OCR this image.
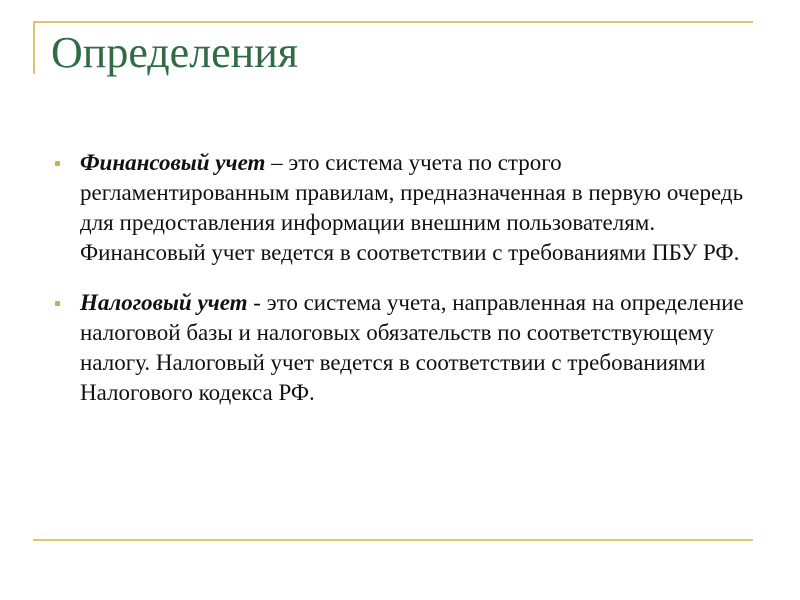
Определения

Финансовый учет – это система учета по строго регламентированным правилам, предназначенная в первую очередь для предоставления информации внешним пользователям. Финансовый учет ведется в соответствии с требованиями ПБУ РФ.

Налоговый учет - это система учета, направленная на определение налоговой базы и налоговых обязательств по соответствующему налогу. Налоговый учет ведется в соответствии с требованиями Налогового кодекса РФ.
